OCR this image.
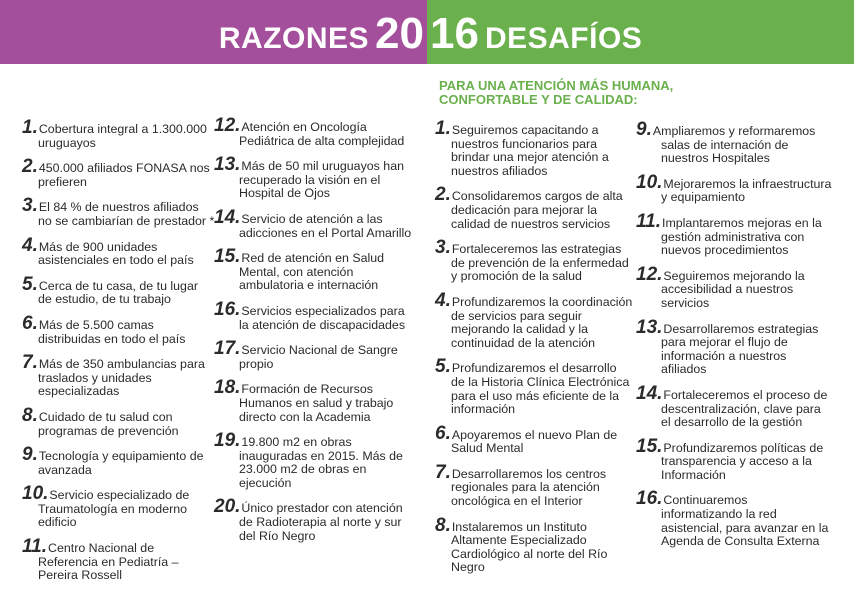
RAZONES 20 16 DESAFÍOS
PARA UNA ATENCIÓN MÁS HUMANA,
CONFORTABLE Y DE CALIDAD:
1.Cobertura integral a 1.300.000 uruguayos
2.450.000 afiliados FONASA nos prefieren
3.El 84 % de nuestros afiliados no se cambiarían de prestador *
4.Más de 900 unidades asistenciales en todo el país
5.Cerca de tu casa, de tu lugar de estudio, de tu trabajo
6.Más de 5.500 camas distribuidas en todo el país
7.Más de 350 ambulancias para traslados y unidades especializadas
8.Cuidado de tu salud con programas de prevención
9.Tecnología y equipamiento de avanzada
10.Servicio especializado de Traumatología en moderno edificio
11.Centro Nacional de Referencia en Pediatría – Pereira Rossell
12.Atención en Oncología Pediátrica de alta complejidad
13.Más de 50 mil uruguayos han recuperado la visión en el Hospital de Ojos
14.Servicio de atención a las adicciones en el Portal Amarillo
15.Red de atención en Salud Mental, con atención ambulatoria e internación
16.Servicios especializados para la atención de discapacidades
17.Servicio Nacional de Sangre propio
18.Formación de Recursos Humanos en salud y trabajo directo con la Academia
19.19.800 m2 en obras inauguradas en 2015. Más de 23.000 m2 de obras en ejecución
20.Único prestador con atención de Radioterapia al norte y sur del Río Negro
1.Seguiremos capacitando a nuestros funcionarios para brindar una mejor atención a nuestros afiliados
2.Consolidaremos cargos de alta dedicación para mejorar la calidad de nuestros servicios
3.Fortaleceremos las estrategias de prevención de la enfermedad y promoción de la salud
4.Profundizaremos la coordinación de servicios para seguir mejorando la calidad y la continuidad de la atención
5.Profundizaremos el desarrollo de la Historia Clínica Electrónica para el uso más eficiente de la información
6.Apoyaremos el nuevo Plan de Salud Mental
7.Desarrollaremos los centros regionales para la atención oncológica en el Interior
8.Instalaremos un Instituto Altamente Especializado Cardiológico al norte del Río Negro
9.Ampliaremos y reformaremos salas de internación de nuestros Hospitales
10.Mejoraremos la infraestructura y equipamiento
11.Implantaremos mejoras en la gestión administrativa con nuevos procedimientos
12.Seguiremos mejorando la accesibilidad a nuestros servicios
13.Desarrollaremos estrategias para mejorar el flujo de información a nuestros afiliados
14.Fortaleceremos el proceso de descentralización, clave para el desarrollo de la gestión
15.Profundizaremos políticas de transparencia y acceso a la Información
16.Continuaremos informatizando la red asistencial, para avanzar en la Agenda de Consulta Externa
